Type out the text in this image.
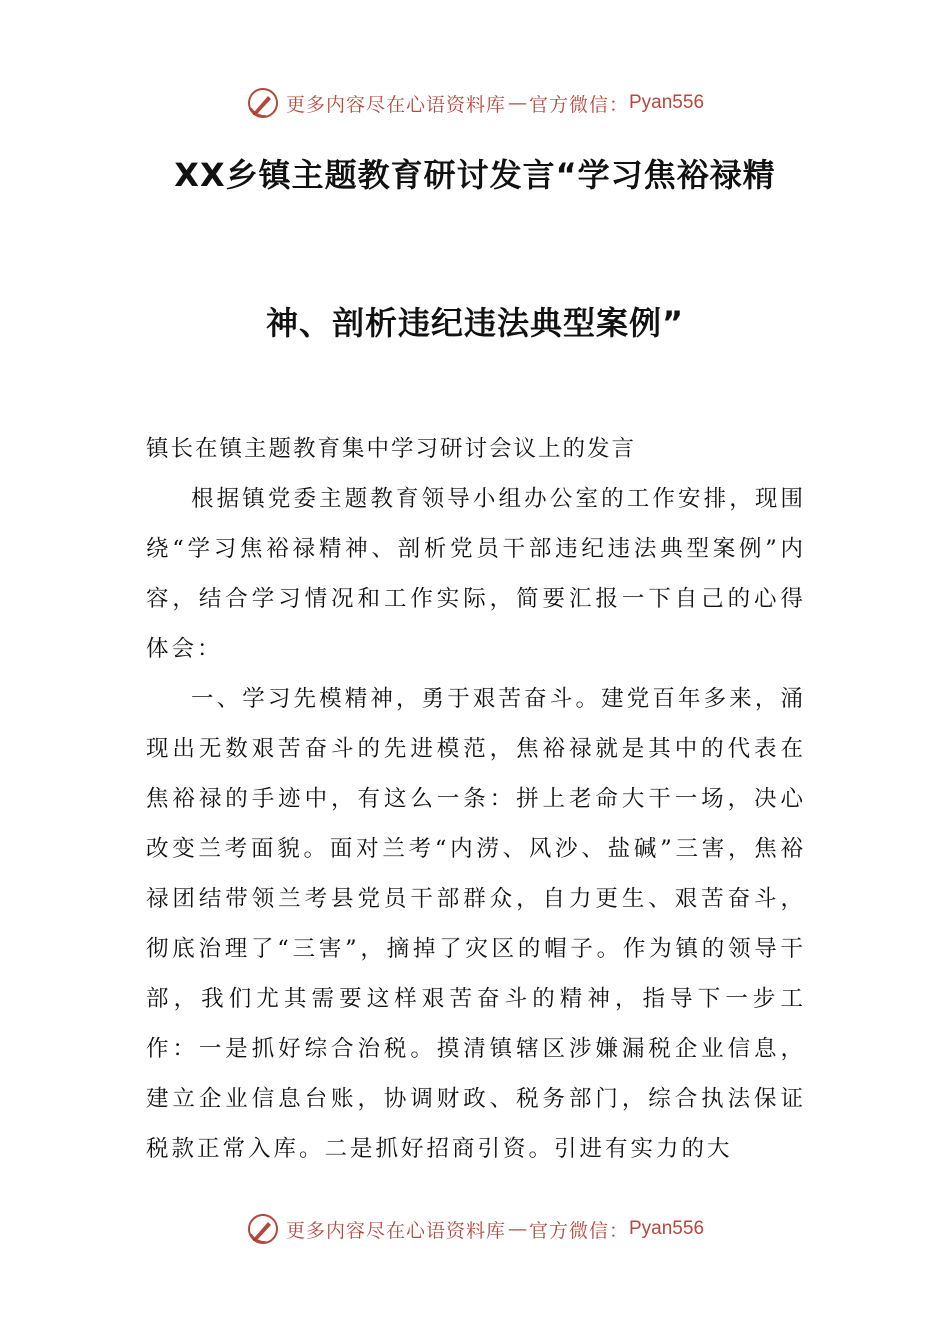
更多内容尽在心语资料库 — 官方微信： Pyan556
XX乡镇主题教育研讨发言“学习焦裕禄精
神、剖析违纪违法典型案例”
镇长在镇主题教育集中学习研讨会议上的发言

根据镇党委主题教育领导小组办公室的工作安排，现围绕“学习焦裕禄精神、剖析党员干部违纪违法典型案例”内容，结合学习情况和工作实际，简要汇报一下自己的心得体会：

一、学习先模精神，勇于艰苦奋斗。建党百年多来，涌现出无数艰苦奋斗的先进模范，焦裕禄就是其中的代表在焦裕禄的手迹中，有这么一条：拼上老命大干一场，决心改变兰考面貌。面对兰考“内涝、风沙、盐碱”三害，焦裕禄团结带领兰考县党员干部群众，自力更生、艰苦奋斗，彻底治理了“三害”，摘掉了灾区的帽子。作为镇的领导干部，我们尤其需要这样艰苦奋斗的精神，指导下一步工作：一是抓好综合治税。摸清镇辖区涉嫌漏税企业信息，建立企业信息台账，协调财政、税务部门，综合执法保证税款正常入库。二是抓好招商引资。引进有实力的大

更多内容尽在心语资料库 — 官方微信： Pyan556
